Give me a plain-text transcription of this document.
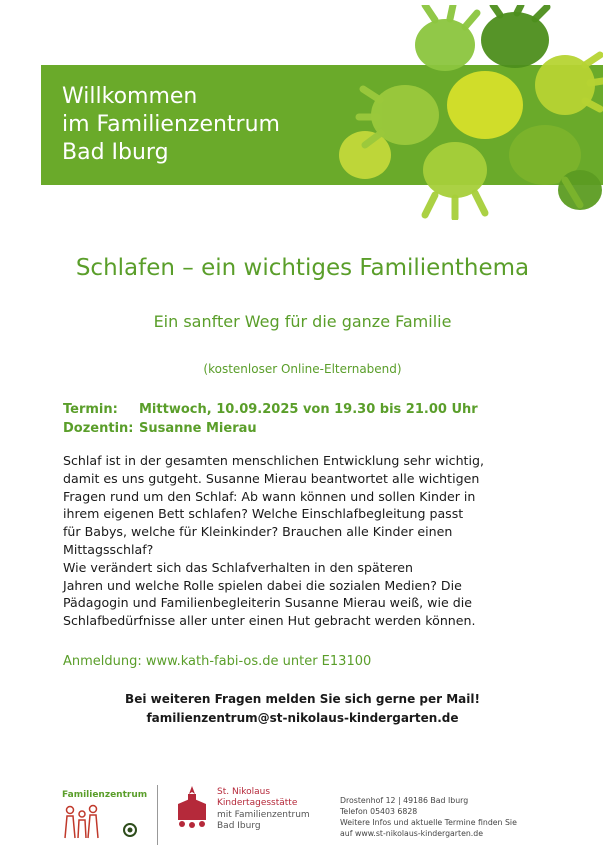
Willkommen
im Familienzentrum
Bad Iburg
Schlafen – ein wichtiges Familienthema
Ein sanfter Weg für die ganze Familie
(kostenloser Online-Elternabend)
Termin:	Mittwoch, 10.09.2025 von 19.30 bis 21.00 Uhr
Dozentin: Susanne Mierau

Schlaf ist in der gesamten menschlichen Entwicklung sehr wichtig,

damit es uns gutgeht. Susanne Mierau beantwortet alle wichtigen

Fragen rund um den Schlaf: Ab wann können und sollen Kinder in

ihrem eigenen Bett schlafen? Welche Einschlafbegleitung passt

für Babys, welche für Kleinkinder? Brauchen alle Kinder einen

Mittagsschlaf?

Wie verändert sich das Schlafverhalten in den späteren

Jahren und welche Rolle spielen dabei die sozialen Medien? Die

Pädagogin und Familienbegleiterin Susanne Mierau weiß, wie die

Schlafbedürfnisse aller unter einen Hut gebracht werden können.

Anmeldung: www.kath-fabi-os.de unter E13100
Bei weiteren Fragen melden Sie sich gerne per Mail!
familienzentrum@st-nikolaus-kindergarten.de
Familienzentrum	St. Nikolaus
Kindertagesstätte
mit Familienzentrum
Bad Iburg
Drostenhof 12 | 49186 Bad Iburg
Telefon 05403 6828
Weitere Infos und aktuelle Termine finden Sie
auf www.st-nikolaus-kindergarten.de
